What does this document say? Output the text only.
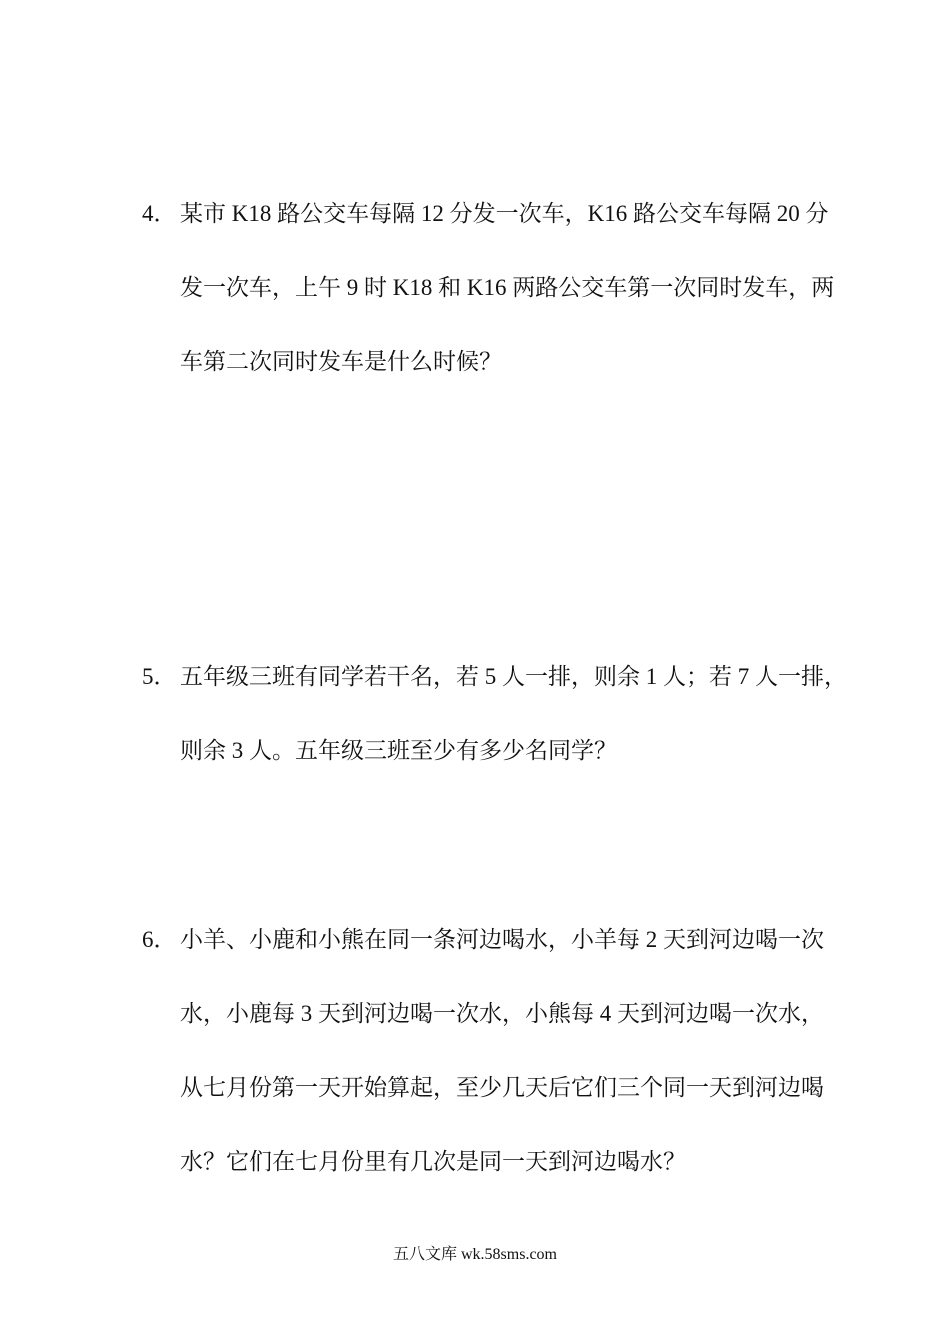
4． 某市 K18 路公交车每隔 12 分发一次车，K16 路公交车每隔 20 分
发一次车，上午 9 时 K18 和 K16 两路公交车第一次同时发车，两
车第二次同时发车是什么时候？
5． 五年级三班有同学若干名，若 5 人一排，则余 1 人；若 7 人一排，
则余 3 人。五年级三班至少有多少名同学？
6． 小羊、小鹿和小熊在同一条河边喝水，小羊每 2 天到河边喝一次
水，小鹿每 3 天到河边喝一次水，小熊每 4 天到河边喝一次水，
从七月份第一天开始算起，至少几天后它们三个同一天到河边喝
水？它们在七月份里有几次是同一天到河边喝水？
五八文库 wk.58sms.com
